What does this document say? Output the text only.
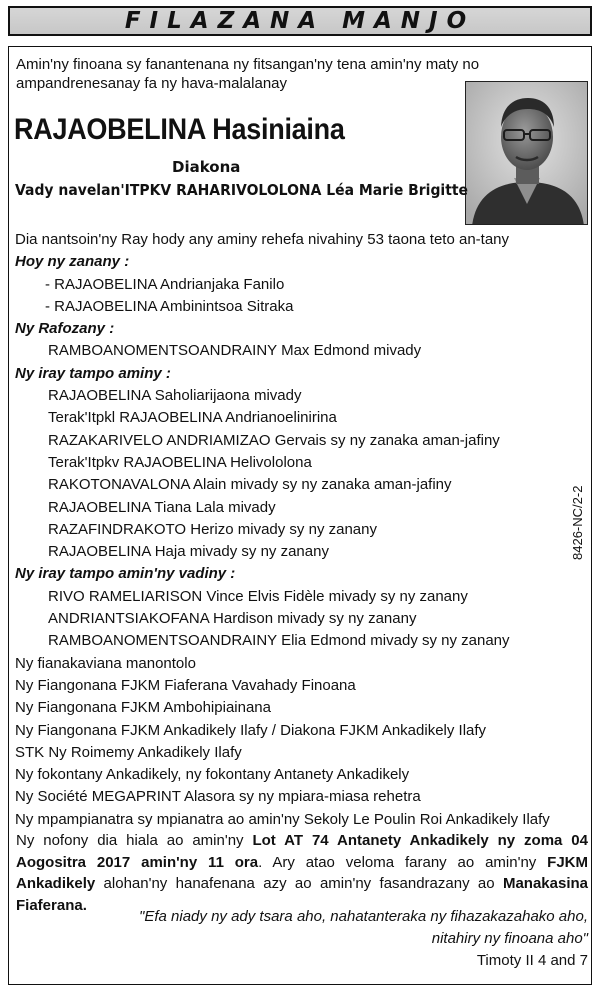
FILAZANA MANJO
Amin'ny finoana sy fanantenana ny fitsangan'ny tena amin'ny maty no ampandrenesanay fa ny hava-malalanay
RAJAOBELINA Hasiniaina
Diakona
Vady navelan'ITPKV RAHARIVOLOLONA Léa Marie Brigitte
Dia nantsoin'ny Ray hody any aminy rehefa nivahiny 53 taona teto an-tany
Hoy ny zanany :
- RAJAOBELINA Andrianjaka Fanilo
- RAJAOBELINA Ambinintsoa Sitraka
Ny Rafozany :
RAMBOANOMENTSOANDRAINY Max Edmond mivady
Ny iray tampo aminy :
RAJAOBELINA Saholiarijaona mivady
Terak'Itpkl RAJAOBELINA Andrianoelinirina
RAZAKARIVELO ANDRIAMIZAO Gervais sy ny zanaka aman-jafiny
Terak'Itpkv RAJAOBELINA Helivololona
RAKOTONAVALONA Alain mivady sy ny zanaka aman-jafiny
RAJAOBELINA Tiana Lala mivady
RAZAFINDRAKOTO Herizo mivady sy ny zanany
RAJAOBELINA Haja mivady sy ny zanany
Ny iray tampo amin'ny vadiny :
RIVO RAMELIARISON Vince Elvis Fidèle mivady sy ny zanany
ANDRIANTSIAKOFANA Hardison mivady sy ny zanany
RAMBOANOMENTSOANDRAINY Elia Edmond mivady sy ny zanany
Ny fianakaviana manontolo
Ny Fiangonana FJKM Fiaferana Vavahady Finoana
Ny Fiangonana FJKM Ambohipiainana
Ny Fiangonana FJKM Ankadikely Ilafy / Diakona FJKM Ankadikely Ilafy
STK Ny Roimemy Ankadikely Ilafy
Ny fokontany Ankadikely, ny fokontany Antanety Ankadikely
Ny Société MEGAPRINT Alasora sy ny mpiara-miasa rehetra
Ny mpampianatra sy mpianatra ao amin'ny Sekoly Le Poulin Roi Ankadikely Ilafy
8426-NC/2-2
Ny nofony dia hiala ao amin'ny Lot AT 74 Antanety Ankadikely ny zoma 04 Aogositra 2017 amin'ny 11 ora. Ary atao veloma farany ao amin'ny FJKM Ankadikely alohan'ny hanafenana azy ao amin'ny fasandrazany ao Manakasina Fiaferana.
"Efa niady ny ady tsara aho, nahatanteraka ny fihazakazahako aho,
nitahiry ny finoana aho"
Timoty II 4 and 7
